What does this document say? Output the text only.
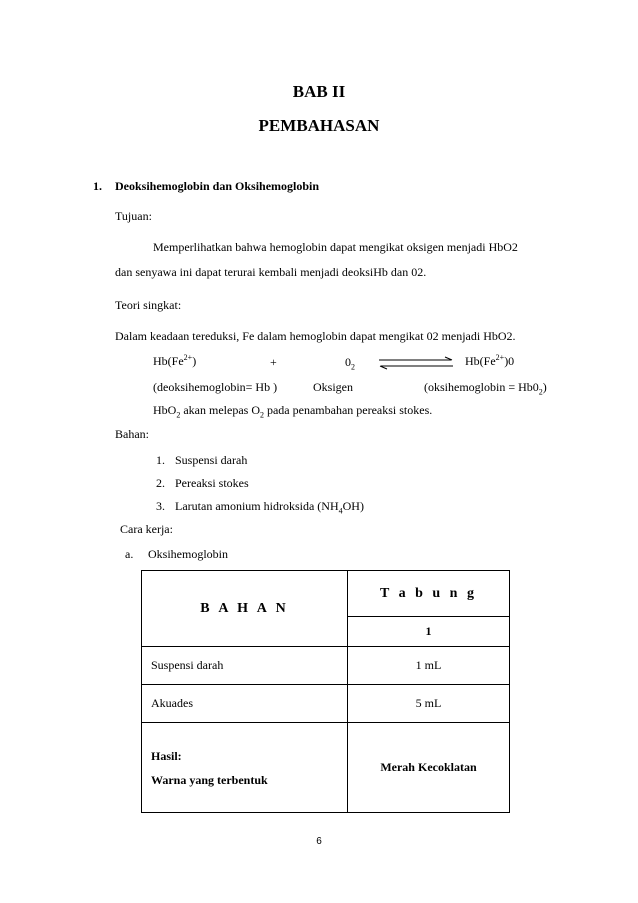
BAB II
PEMBAHASAN
1. Deoksihemoglobin dan Oksihemoglobin
Tujuan:
Memperlihatkan bahwa hemoglobin dapat mengikat oksigen menjadi HbO2
dan senyawa ini dapat terurai kembali menjadi deoksiHb dan 02.
Teori singkat:
Dalam keadaan tereduksi, Fe dalam hemoglobin dapat mengikat 02 menjadi HbO2.
$Hb(Fe^{2+})$	+	$0_2$	$Hb(Fe^{2+})0$
(deoksihemoglobin= Hb )	Oksigen	(oksihemoglobin = $Hb0_2$)
HbO$_2$ akan melepas $O_2$ pada penambahan pereaksi stokes.
Bahan:
1. Suspensi darah
2. Pereaksi stokes
3. Larutan amonium hidroksida $(NH_4OH)$
Cara kerja:
a. Oksihemoglobin
B A H A N	T a b u n g
	1
Suspensi darah	1 mL
Akuades	5 mL

Hasil:
Warna yang terbentuk	Merah Kecoklatan
6
